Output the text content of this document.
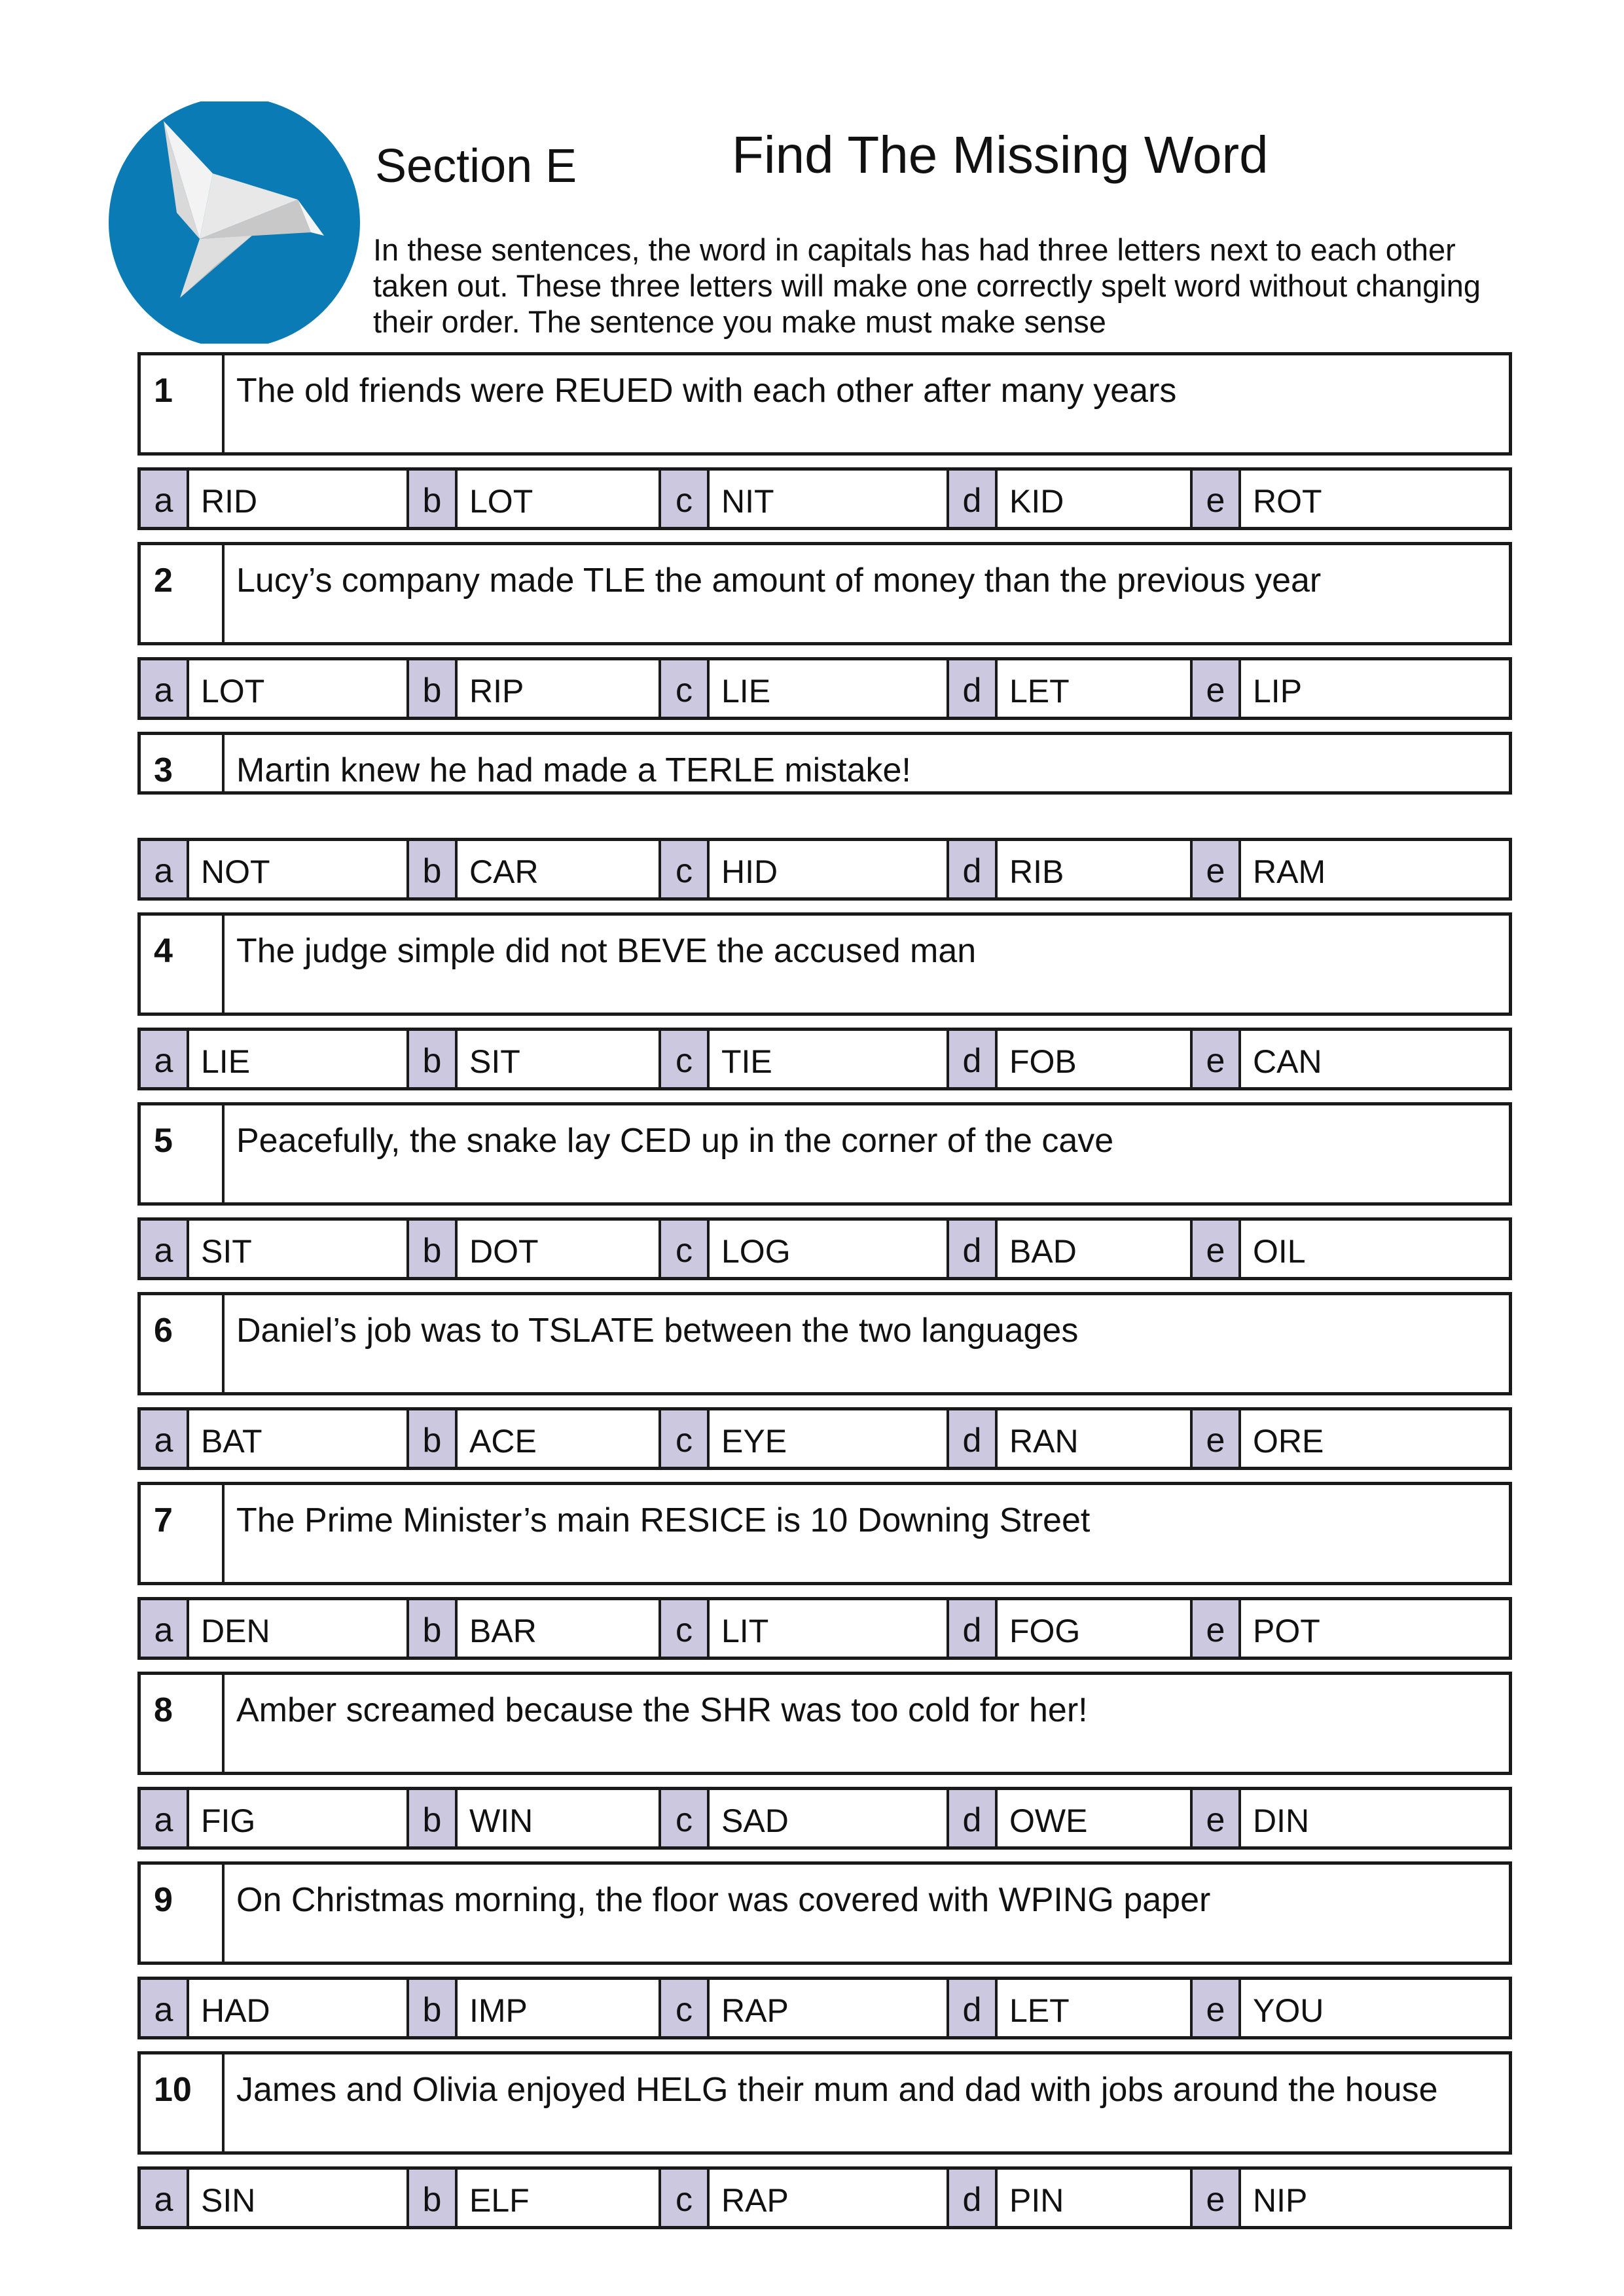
Section E	Find The Missing Word
In these sentences, the word in capitals has had three letters next to each other taken out. These three letters will make one correctly spelt word without changing their order. The sentence you make must make sense
1	The old friends were REUED with each other after many years
a RID	b LOT	c NIT	d KID	e ROT
2	Lucy’s company made TLE the amount of money than the previous year
a LOT	b RIP	c LIE	d LET	e LIP
3	Martin knew he had made a TERLE mistake!
a NOT	b CAR	c HID	d RIB	e RAM
4	The judge simple did not BEVE the accused man
a LIE	b SIT	c TIE	d FOB	e CAN
5	Peacefully, the snake lay CED up in the corner of the cave
a SIT	b DOT	c LOG	d BAD	e OIL
6	Daniel’s job was to TSLATE between the two languages
a BAT	b ACE	c EYE	d RAN	e ORE
7	The Prime Minister’s main RESICE is 10 Downing Street
a DEN	b BAR	c LIT	d FOG	e POT
8	Amber screamed because the SHR was too cold for her!
a FIG	b WIN	c SAD	d OWE	e DIN
9	On Christmas morning, the floor was covered with WPING paper
a HAD	b IMP	c RAP	d LET	e YOU
10	James and Olivia enjoyed HELG their mum and dad with jobs around the house
a SIN	b ELF	c RAP	d PIN	e NIP
